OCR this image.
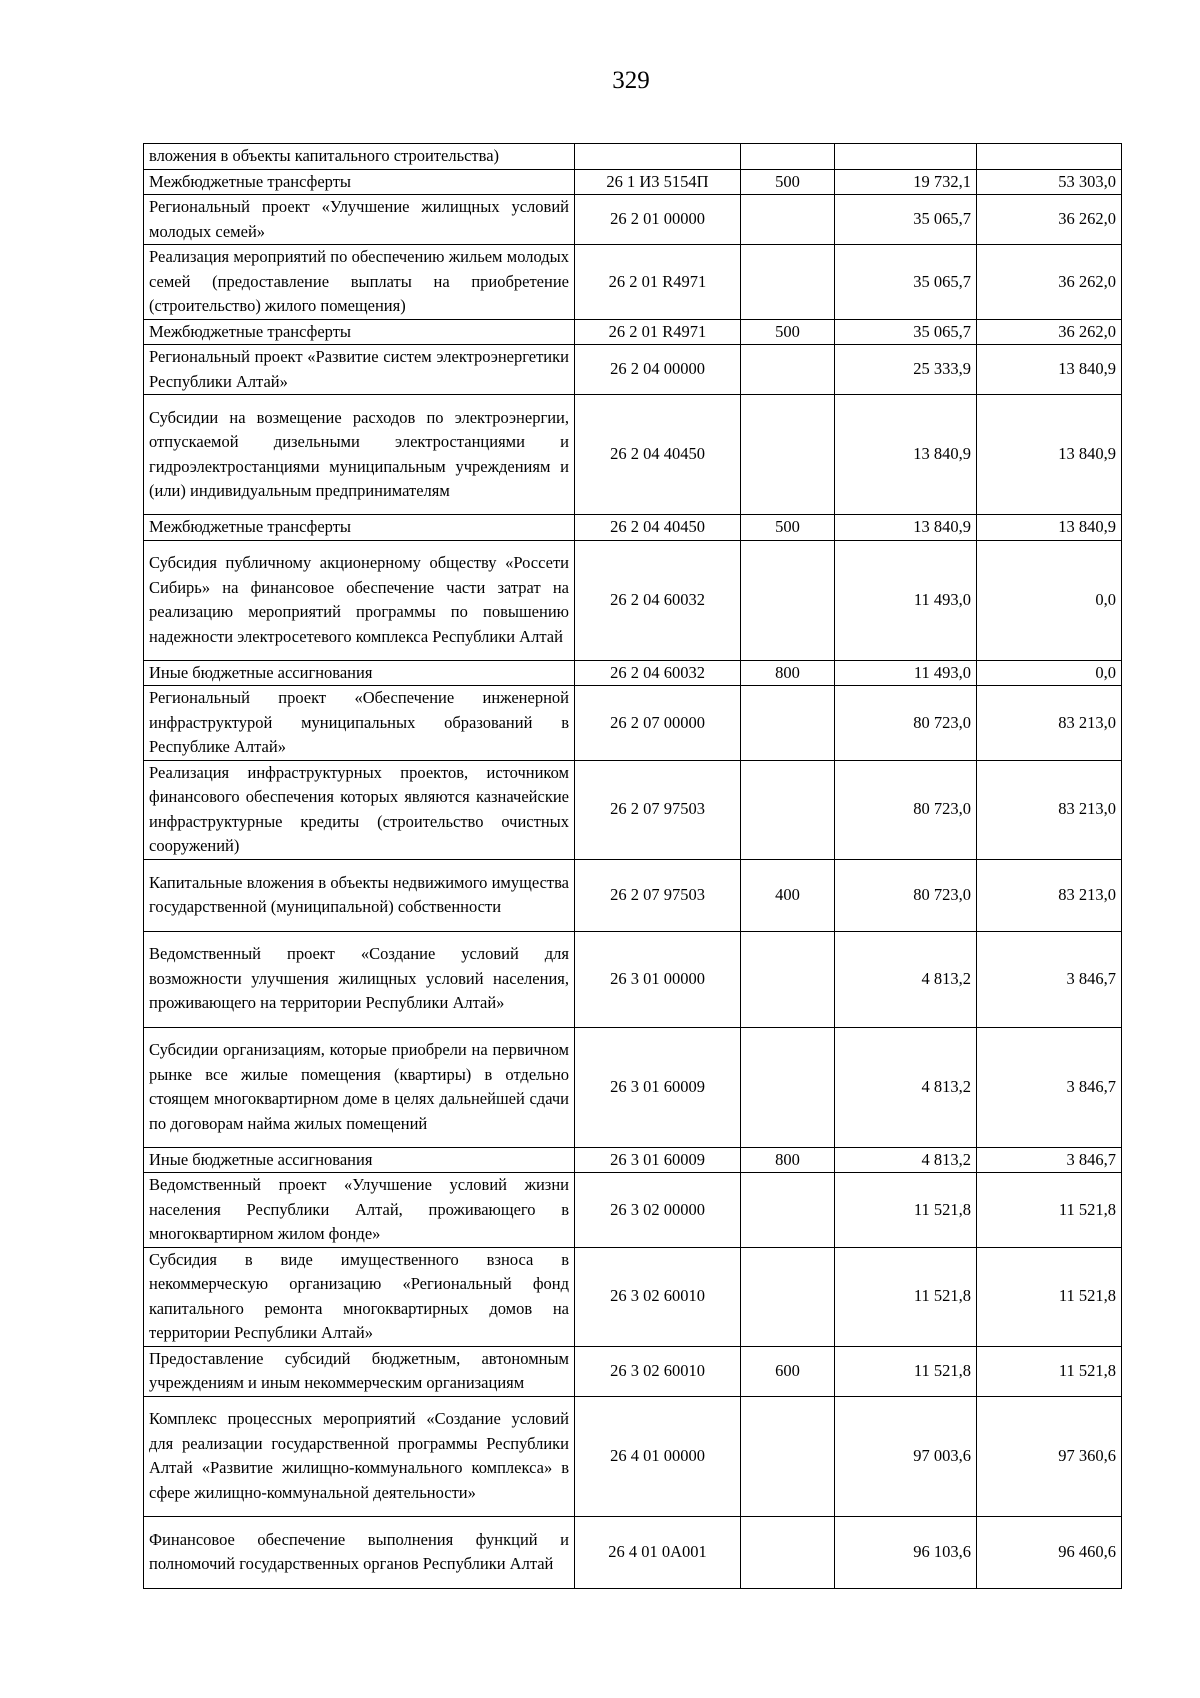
329
вложения в объекты капитального строительства)				
Межбюджетные трансферты	26 1 И3 5154П	500	19 732,1	53 303,0
Региональный проект «Улучшение жилищных условий молодых семей»	26 2 01 00000		35 065,7	36 262,0
Реализация мероприятий по обеспечению жильем молодых семей (предоставление выплаты на приобретение (строительство) жилого помещения)	26 2 01 R4971		35 065,7	36 262,0
Межбюджетные трансферты	26 2 01 R4971	500	35 065,7	36 262,0
Региональный проект «Развитие систем электроэнергетики Республики Алтай»	26 2 04 00000		25 333,9	13 840,9
Субсидии на возмещение расходов по электроэнергии, отпускаемой дизельными электростанциями и гидроэлектростанциями муниципальным учреждениям и (или) индивидуальным предпринимателям	26 2 04 40450		13 840,9	13 840,9
Межбюджетные трансферты	26 2 04 40450	500	13 840,9	13 840,9
Субсидия публичному акционерному обществу «Россети Сибирь» на финансовое обеспечение части затрат на реализацию мероприятий программы по повышению надежности электросетевого комплекса Республики Алтай	26 2 04 60032		11 493,0	0,0
Иные бюджетные ассигнования	26 2 04 60032	800	11 493,0	0,0
Региональный проект «Обеспечение инженерной инфраструктурой муниципальных образований в Республике Алтай»	26 2 07 00000		80 723,0	83 213,0
Реализация инфраструктурных проектов, источником финансового обеспечения которых являются казначейские инфраструктурные кредиты (строительство очистных сооружений)	26 2 07 97503		80 723,0	83 213,0
Капитальные вложения в объекты недвижимого имущества государственной (муниципальной) собственности	26 2 07 97503	400	80 723,0	83 213,0
Ведомственный проект «Создание условий для возможности улучшения жилищных условий населения, проживающего на территории Республики Алтай»	26 3 01 00000		4 813,2	3 846,7
Субсидии организациям, которые приобрели на первичном рынке все жилые помещения (квартиры) в отдельно стоящем многоквартирном доме в целях дальнейшей сдачи по договорам найма жилых помещений	26 3 01 60009		4 813,2	3 846,7
Иные бюджетные ассигнования	26 3 01 60009	800	4 813,2	3 846,7
Ведомственный проект «Улучшение условий жизни населения Республики Алтай, проживающего в многоквартирном жилом фонде»	26 3 02 00000		11 521,8	11 521,8
Субсидия в виде имущественного взноса в некоммерческую организацию «Региональный фонд капитального ремонта многоквартирных домов на территории Республики Алтай»	26 3 02 60010		11 521,8	11 521,8
Предоставление субсидий бюджетным, автономным учреждениям и иным некоммерческим организациям	26 3 02 60010	600	11 521,8	11 521,8
Комплекс процессных мероприятий «Создание условий для реализации государственной программы Республики Алтай «Развитие жилищно-коммунального комплекса» в сфере жилищно-коммунальной деятельности»	26 4 01 00000		97 003,6	97 360,6
Финансовое обеспечение выполнения функций и полномочий государственных органов Республики Алтай	26 4 01 0А001		96 103,6	96 460,6
